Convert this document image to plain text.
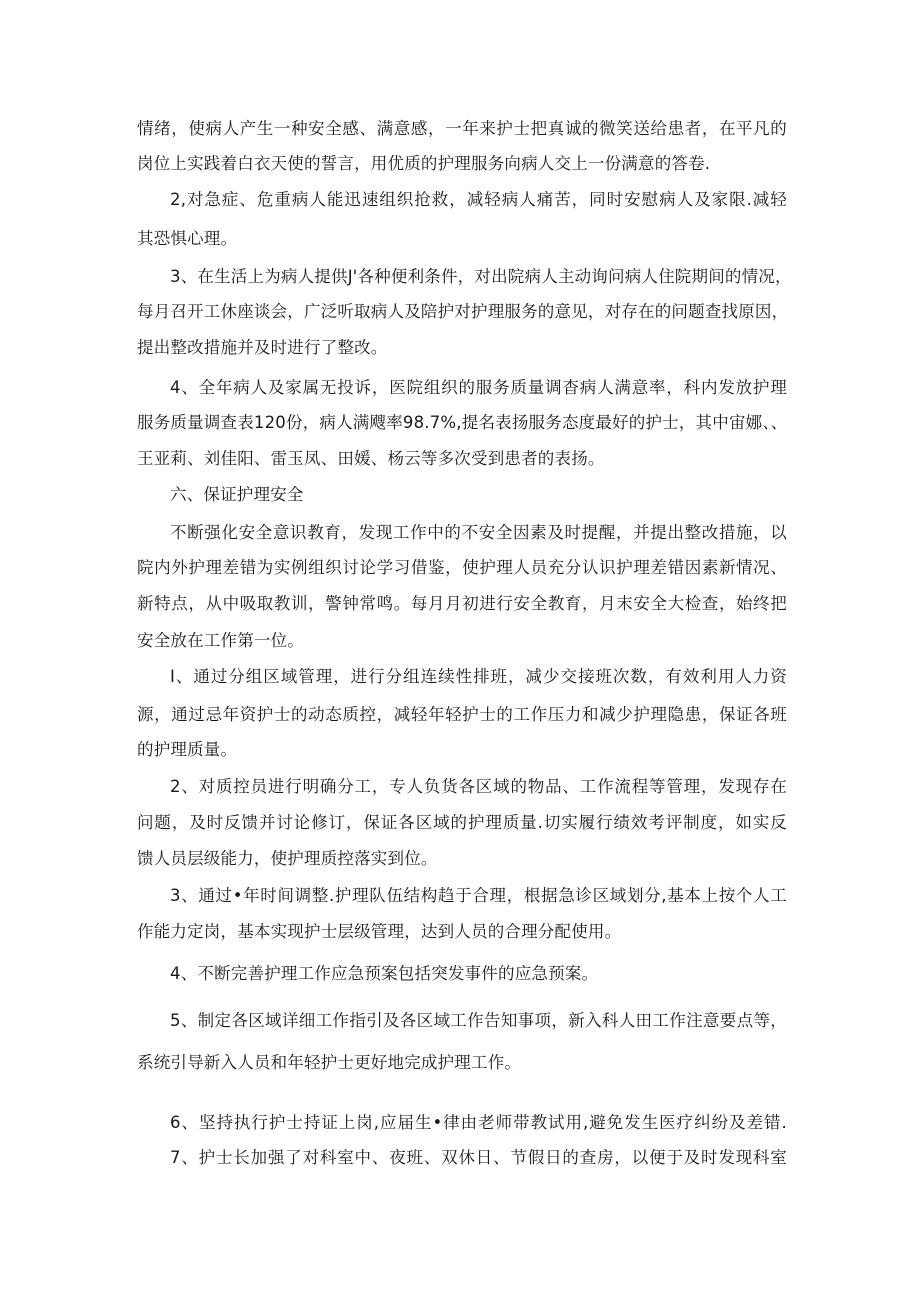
情绪，使病人产生一种安全感、满意感，一年来护士把真诚的微笑送给患者，在平凡的
岗位上实践着白衣天使的誓言，用优质的护理服务向病人交上一份满意的答卷.
2,对急症、危重病人能迅速组织抢救，减轻病人痛苦，同时安慰病人及家限.减轻
其恐惧心理。
3、在生活上为病人提供J'各种便利条件，对出院病人主动询问病人住院期间的情况，
每月召开工休座谈会，广泛听取病人及陪护对护理服务的意见，对存在的问题查找原因，
提出整改措施并及时进行了整改。
4、全年病人及家属无投诉，医院组织的服务质量调杳病人满意率，科内发放护理
服务质量调查表120份，病人满飕率98.7%,提名表扬服务态度最好的护士，其中宙娜、、
王亚莉、刘佳阳、雷玉凤、田媛、杨云等多次受到患者的表扬。
六、保证护理安全
不断强化安全意识教育，发现工作中的不安全因素及时提醒，并提出整改措施，以
院内外护理差错为实例组织讨论学习借鉴，使护理人员充分认识护理差错因素新情况、
新特点，从中吸取教训，警钟常鸣。每月月初进行安全教育，月末安全大检查，始终把
安全放在工作第一位。
I、通过分组区域管理，进行分组连续性排班，减少交接班次数，有效利用人力资
源，通过忌年资护士的动态质控，减轻年轻护士的工作压力和减少护理隐患，保证各班
的护理质量。
2、对质控员进行明确分工，专人负货各区域的物品、工作流程等管理，发现存在
问题，及时反馈并讨论修订，保证各区域的护理质量.切实履行绩效考评制度，如实反
馈人员层级能力，使护理质控落实到位。
3、通过•年时间调整.护理队伍结构趋于合理，根据急诊区域划分,基本上按个人工
作能力定岗，基本实现护士层级管理，达到人员的合理分配使用。
4、不断完善护理工作应急预案包括突发事件的应急预案。
5、制定各区域详细工作指引及各区域工作告知事项，新入科人田工作注意要点等，
系统引导新入人员和年轻护士更好地完成护理工作。
6、坚持执行护士持证上岗,应届生•律由老师带教试用,避免发生医疗纠纷及差错.
7、护士长加强了对科室中、夜班、双休日、节假日的查房，以便于及时发现科室
